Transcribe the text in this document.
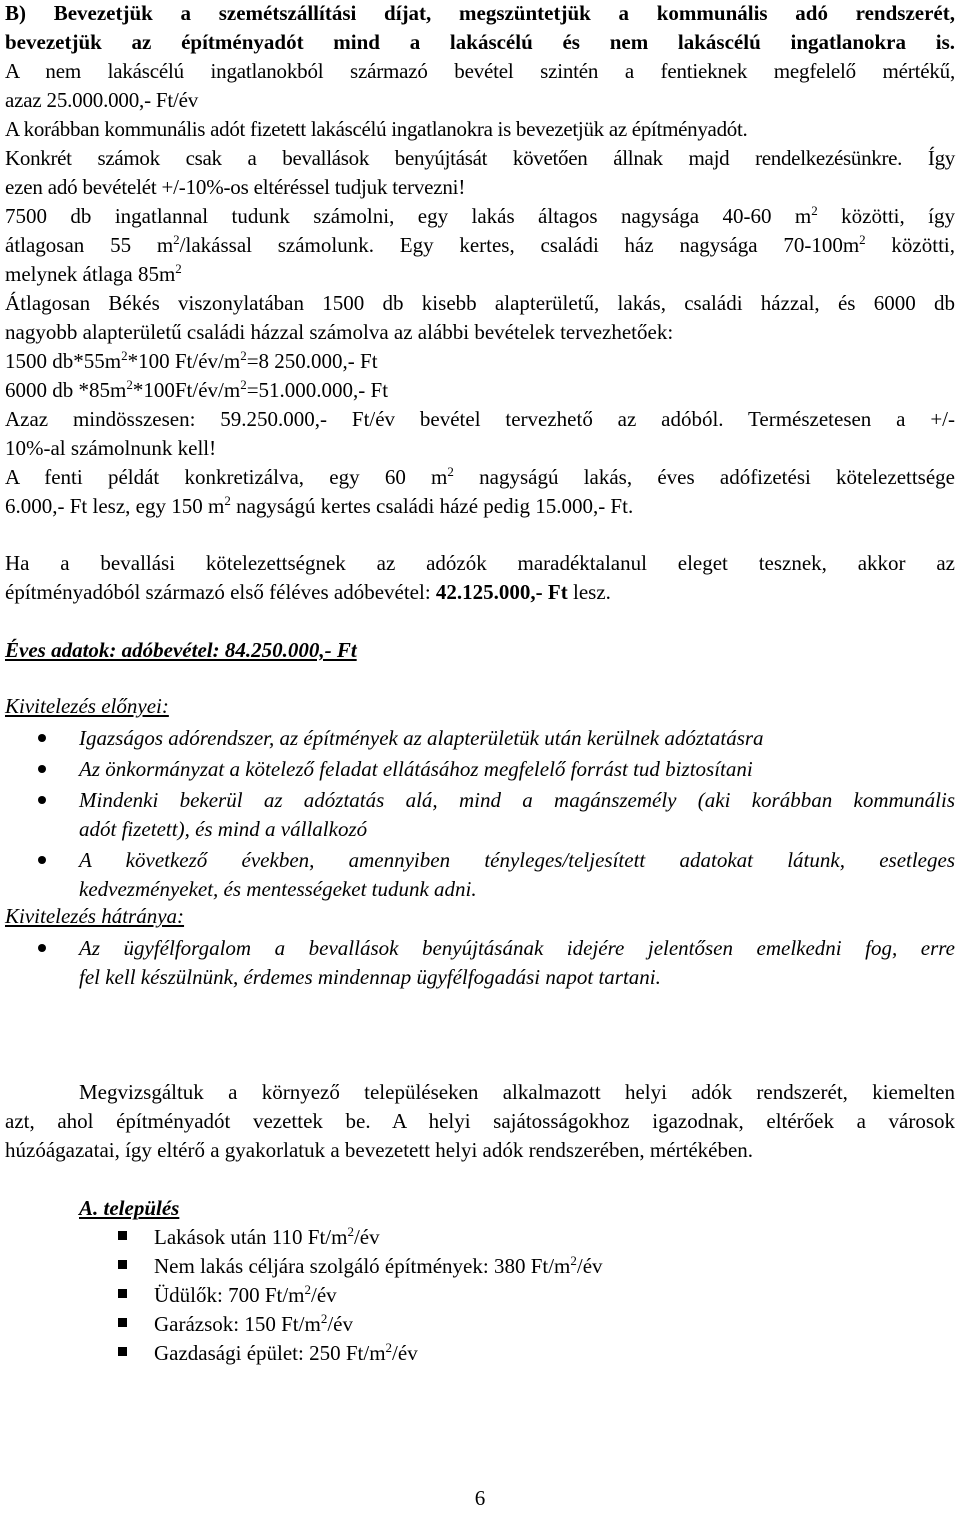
B) Bevezetjük a szemétszállítási díjat, megszüntetjük a kommunális adó rendszerét,
bevezetjük az építményadót mind a lakáscélú és nem lakáscélú ingatlanokra is.
A nem lakáscélú ingatlanokból származó bevétel szintén a fentieknek megfelelő mértékű,
azaz 25.000.000,- Ft/év
A korábban kommunális adót fizetett lakáscélú ingatlanokra is bevezetjük az építményadót.
Konkrét számok csak a bevallások benyújtását követően állnak majd rendelkezésünkre. Így
ezen adó bevételét +/-10%-os eltéréssel tudjuk tervezni!
7500 db ingatlannal tudunk számolni, egy lakás áltagos nagysága 40-60 $m^2$ közötti, így
átlagosan 55 $m^2$/lakással számolunk. Egy kertes, családi ház nagysága $70-100m^2$ közötti,
melynek átlaga $85m^2$
Átlagosan Békés viszonylatában 1500 db kisebb alapterületű, lakás, családi házzal, és 6000 db
nagyobb alapterületű családi házzal számolva az alábbi bevételek tervezhetőek:
1500 $db*55m^2*100$ $Ft/év/m^2=8$ 250.000,- Ft
6000 db $*85m^2*100Ft/év/m^2=51.000.000,-$ Ft
Azaz mindösszesen: 59.250.000,- Ft/év bevétel tervezhető az adóból. Természetesen a +/-
10%-al számolnunk kell!
A fenti példát konkretizálva, egy 60 $m^2$ nagyságú lakás, éves adófizetési kötelezettsége
6.000,- Ft lesz, egy 150 $m^2$ nagyságú kertes családi házé pedig 15.000,- Ft.
Ha a bevallási kötelezettségnek az adózók maradéktalanul eleget tesznek, akkor az
építményadóból származó első féléves adóbevétel: 42.125.000,- Ft lesz.
Éves adatok: adóbevétel: 84.250.000,- Ft
Kivitelezés előnyei:
Igazságos adórendszer, az építmények az alapterületük után kerülnek adóztatásra
Az önkormányzat a kötelező feladat ellátásához megfelelő forrást tud biztosítani
Mindenki bekerül az adóztatás alá, mind a magánszemély (aki korábban kommunális
adót fizetett), és mind a vállalkozó
A következő években, amennyiben tényleges/teljesített adatokat látunk, esetleges
kedvezményeket, és mentességeket tudunk adni.
Kivitelezés hátránya:
Az ügyfélforgalom a bevallások benyújtásának idejére jelentősen emelkedni fog, erre
fel kell készülnünk, érdemes mindennap ügyfélfogadási napot tartani.
Megvizsgáltuk a környező településeken alkalmazott helyi adók rendszerét, kiemelten
azt, ahol építményadót vezettek be. A helyi sajátosságokhoz igazodnak, eltérőek a városok
húzóágazatai, így eltérő a gyakorlatuk a bevezetett helyi adók rendszerében, mértékében.
A. település
Lakások után 110 $Ft/m^2/év$
Nem lakás céljára szolgáló építmények: 380 $Ft/m^2/év$
Üdülők: 700 $Ft/m^2/év$
Garázsok: 150 $Ft/m^2/év$
Gazdasági épület: 250 $Ft/m^2/év$
6
